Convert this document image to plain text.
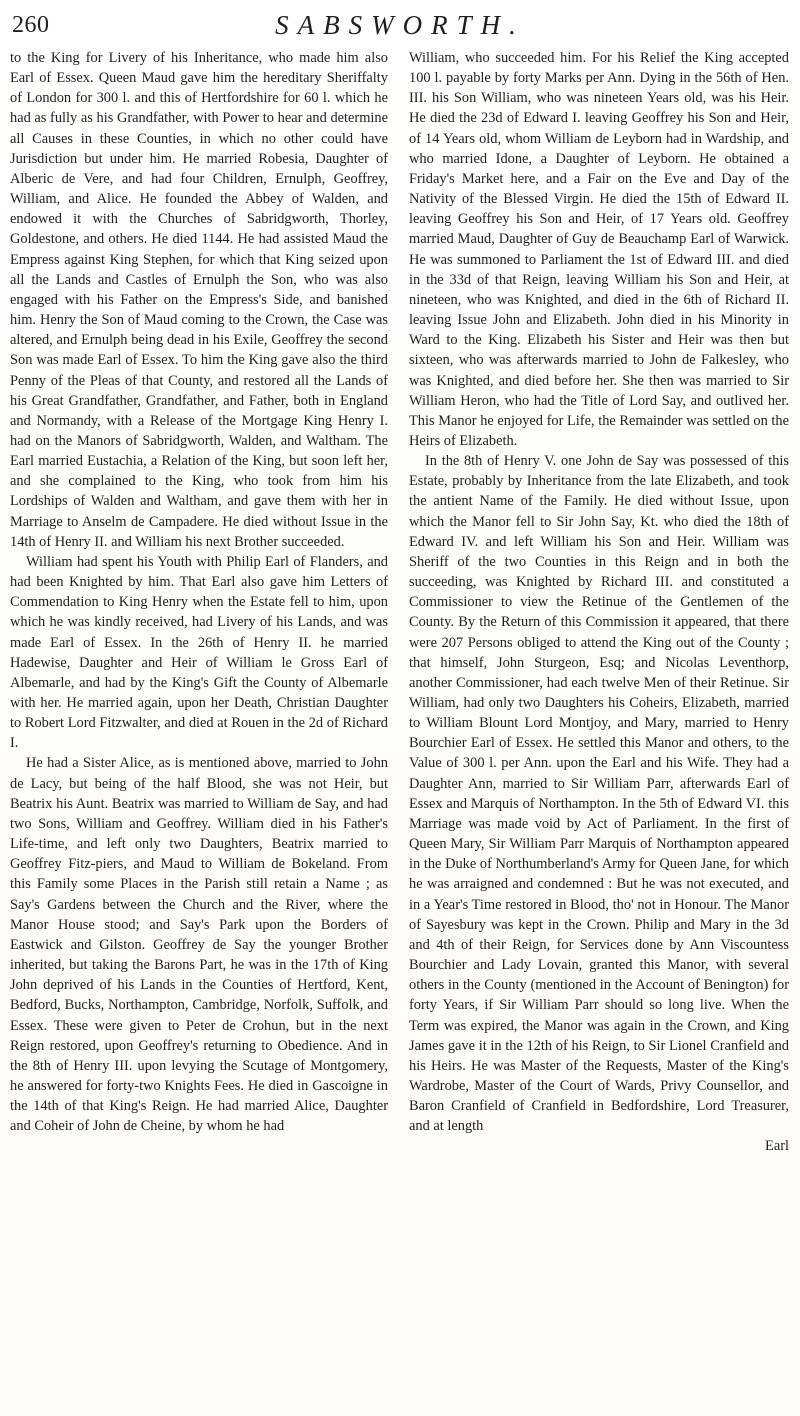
260	SABSWORTH.

to the King for Livery of his Inheritance, who made him also Earl of Essex. Queen Maud gave him the hereditary Sheriffalty of London for 300 l. and this of Hertfordshire for 60 l. which he had as fully as his Grandfather, with Power to hear and determine all Causes in these Counties, in which no other could have Jurisdiction but under him. He married Robesia, Daughter of Alberic de Vere, and had four Children, Ernulph, Geoffrey, William, and Alice. He founded the Abbey of Walden, and endowed it with the Churches of Sabridgworth, Thorley, Goldestone, and others. He died 1144. He had assisted Maud the Empress against King Stephen, for which that King seized upon all the Lands and Castles of Ernulph the Son, who was also engaged with his Father on the Empress's Side, and banished him. Henry the Son of Maud coming to the Crown, the Case was altered, and Ernulph being dead in his Exile, Geoffrey the second Son was made Earl of Essex. To him the King gave also the third Penny of the Pleas of that County, and restored all the Lands of his Great Grandfather, Grandfather, and Father, both in England and Normandy, with a Release of the Mortgage King Henry I. had on the Manors of Sabridgworth, Walden, and Waltham. The Earl married Eustachia, a Relation of the King, but soon left her, and she complained to the King, who took from him his Lordships of Walden and Waltham, and gave them with her in Marriage to Anselm de Campadere. He died without Issue in the 14th of Henry II. and William his next Brother succeeded.

William had spent his Youth with Philip Earl of Flanders, and had been Knighted by him. That Earl also gave him Letters of Commendation to King Henry when the Estate fell to him, upon which he was kindly received, had Livery of his Lands, and was made Earl of Essex. In the 26th of Henry II. he married Hadewise, Daughter and Heir of William le Gross Earl of Albemarle, and had by the King's Gift the County of Albemarle with her. He married again, upon her Death, Christian Daughter to Robert Lord Fitzwalter, and died at Rouen in the 2d of Richard I.

He had a Sister Alice, as is mentioned above, married to John de Lacy, but being of the half Blood, she was not Heir, but Beatrix his Aunt. Beatrix was married to William de Say, and had two Sons, William and Geoffrey. William died in his Father's Life-time, and left only two Daughters, Beatrix married to Geoffrey Fitz-piers, and Maud to William de Bokeland. From this Family some Places in the Parish still retain a Name ; as Say's Gardens between the Church and the River, where the Manor House stood; and Say's Park upon the Borders of Eastwick and Gilston. Geoffrey de Say the younger Brother inherited, but taking the Barons Part, he was in the 17th of King John deprived of his Lands in the Counties of Hertford, Kent, Bedford, Bucks, Northampton, Cambridge, Norfolk, Suffolk, and Essex. These were given to Peter de Crohun, but in the next Reign restored, upon Geoffrey's returning to Obedience. And in the 8th of Henry III. upon levying the Scutage of Montgomery, he answered for forty-two Knights Fees. He died in Gascoigne in the 14th of that King's Reign. He had married Alice, Daughter and Coheir of John de Cheine, by whom he had

William, who succeeded him. For his Relief the King accepted 100 l. payable by forty Marks per Ann. Dying in the 56th of Hen. III. his Son William, who was nineteen Years old, was his Heir. He died the 23d of Edward I. leaving Geoffrey his Son and Heir, of 14 Years old, whom William de Leyborn had in Wardship, and who married Idone, a Daughter of Leyborn. He obtained a Friday's Market here, and a Fair on the Eve and Day of the Nativity of the Blessed Virgin. He died the 15th of Edward II. leaving Geoffrey his Son and Heir, of 17 Years old. Geoffrey married Maud, Daughter of Guy de Beauchamp Earl of Warwick. He was summoned to Parliament the 1st of Edward III. and died in the 33d of that Reign, leaving William his Son and Heir, at nineteen, who was Knighted, and died in the 6th of Richard II. leaving Issue John and Elizabeth. John died in his Minority in Ward to the King. Elizabeth his Sister and Heir was then but sixteen, who was afterwards married to John de Falkesley, who was Knighted, and died before her. She then was married to Sir William Heron, who had the Title of Lord Say, and outlived her. This Manor he enjoyed for Life, the Remainder was settled on the Heirs of Elizabeth.

In the 8th of Henry V. one John de Say was possessed of this Estate, probably by Inheritance from the late Elizabeth, and took the antient Name of the Family. He died without Issue, upon which the Manor fell to Sir John Say, Kt. who died the 18th of Edward IV. and left William his Son and Heir. William was Sheriff of the two Counties in this Reign and in both the succeeding, was Knighted by Richard III. and constituted a Commissioner to view the Retinue of the Gentlemen of the County. By the Return of this Commission it appeared, that there were 207 Persons obliged to attend the King out of the County ; that himself, John Sturgeon, Esq; and Nicolas Leventhorp, another Commissioner, had each twelve Men of their Retinue. Sir William, had only two Daughters his Coheirs, Elizabeth, married to William Blount Lord Montjoy, and Mary, married to Henry Bourchier Earl of Essex. He settled this Manor and others, to the Value of 300 l. per Ann. upon the Earl and his Wife. They had a Daughter Ann, married to Sir William Parr, afterwards Earl of Essex and Marquis of Northampton. In the 5th of Edward VI. this Marriage was made void by Act of Parliament. In the first of Queen Mary, Sir William Parr Marquis of Northampton appeared in the Duke of Northumberland's Army for Queen Jane, for which he was arraigned and condemned : But he was not executed, and in a Year's Time restored in Blood, tho' not in Honour. The Manor of Sayesbury was kept in the Crown. Philip and Mary in the 3d and 4th of their Reign, for Services done by Ann Viscountess Bourchier and Lady Lovain, granted this Manor, with several others in the County (mentioned in the Account of Benington) for forty Years, if Sir William Parr should so long live. When the Term was expired, the Manor was again in the Crown, and King James gave it in the 12th of his Reign, to Sir Lionel Cranfield and his Heirs. He was Master of the Requests, Master of the King's Wardrobe, Master of the Court of Wards, Privy Counsellor, and Baron Cranfield of Cranfield in Bedfordshire, Lord Treasurer, and at length

Earl
